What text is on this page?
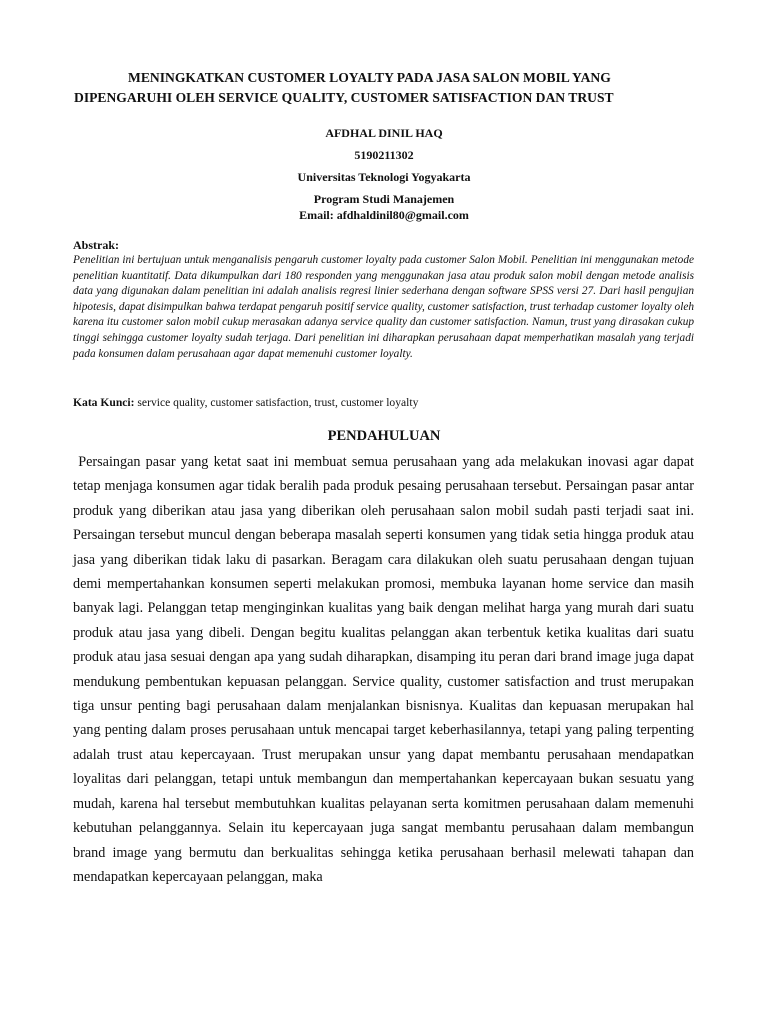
MENINGKATKAN CUSTOMER LOYALTY PADA JASA SALON MOBIL YANG
DIPENGARUHI OLEH SERVICE QUALITY, CUSTOMER SATISFACTION DAN TRUST
AFDHAL DINIL HAQ
5190211302
Universitas Teknologi Yogyakarta
Program Studi Manajemen
Email: afdhaldinil80@gmail.com
Abstrak:
Penelitian ini bertujuan untuk menganalisis pengaruh customer loyalty pada customer Salon Mobil. Penelitian ini menggunakan metode penelitian kuantitatif. Data dikumpulkan dari 180 responden yang menggunakan jasa atau produk salon mobil dengan metode analisis data yang digunakan dalam penelitian ini adalah analisis regresi linier sederhana dengan software SPSS versi 27. Dari hasil pengujian hipotesis, dapat disimpulkan bahwa terdapat pengaruh positif service quality, customer satisfaction, trust terhadap customer loyalty oleh karena itu customer salon mobil cukup merasakan adanya service quality dan customer satisfaction. Namun, trust yang dirasakan cukup tinggi sehingga customer loyalty sudah terjaga. Dari penelitian ini diharapkan perusahaan dapat memperhatikan masalah yang terjadi pada konsumen dalam perusahaan agar dapat memenuhi customer loyalty.
Kata Kunci: service quality, customer satisfaction, trust, customer loyalty
PENDAHULUAN
Persaingan pasar yang ketat saat ini membuat semua perusahaan yang ada melakukan inovasi agar dapat tetap menjaga konsumen agar tidak beralih pada produk pesaing perusahaan tersebut. Persaingan pasar antar produk yang diberikan atau jasa yang diberikan oleh perusahaan salon mobil sudah pasti terjadi saat ini. Persaingan tersebut muncul dengan beberapa masalah seperti konsumen yang tidak setia hingga produk atau jasa yang diberikan tidak laku di pasarkan. Beragam cara dilakukan oleh suatu perusahaan dengan tujuan demi mempertahankan konsumen seperti melakukan promosi, membuka layanan home service dan masih banyak lagi. Pelanggan tetap menginginkan kualitas yang baik dengan melihat harga yang murah dari suatu produk atau jasa yang dibeli. Dengan begitu kualitas pelanggan akan terbentuk ketika kualitas dari suatu produk atau jasa sesuai dengan apa yang sudah diharapkan, disamping itu peran dari brand image juga dapat mendukung pembentukan kepuasan pelanggan. Service quality, customer satisfaction and trust merupakan tiga unsur penting bagi perusahaan dalam menjalankan bisnisnya. Kualitas dan kepuasan merupakan hal yang penting dalam proses perusahaan untuk mencapai target keberhasilannya, tetapi yang paling terpenting adalah trust atau kepercayaan. Trust merupakan unsur yang dapat membantu perusahaan mendapatkan loyalitas dari pelanggan, tetapi untuk membangun dan mempertahankan kepercayaan bukan sesuatu yang mudah, karena hal tersebut membutuhkan kualitas pelayanan serta komitmen perusahaan dalam memenuhi kebutuhan pelanggannya. Selain itu kepercayaan juga sangat membantu perusahaan dalam membangun brand image yang bermutu dan berkualitas sehingga ketika perusahaan berhasil melewati tahapan dan mendapatkan kepercayaan pelanggan, maka
